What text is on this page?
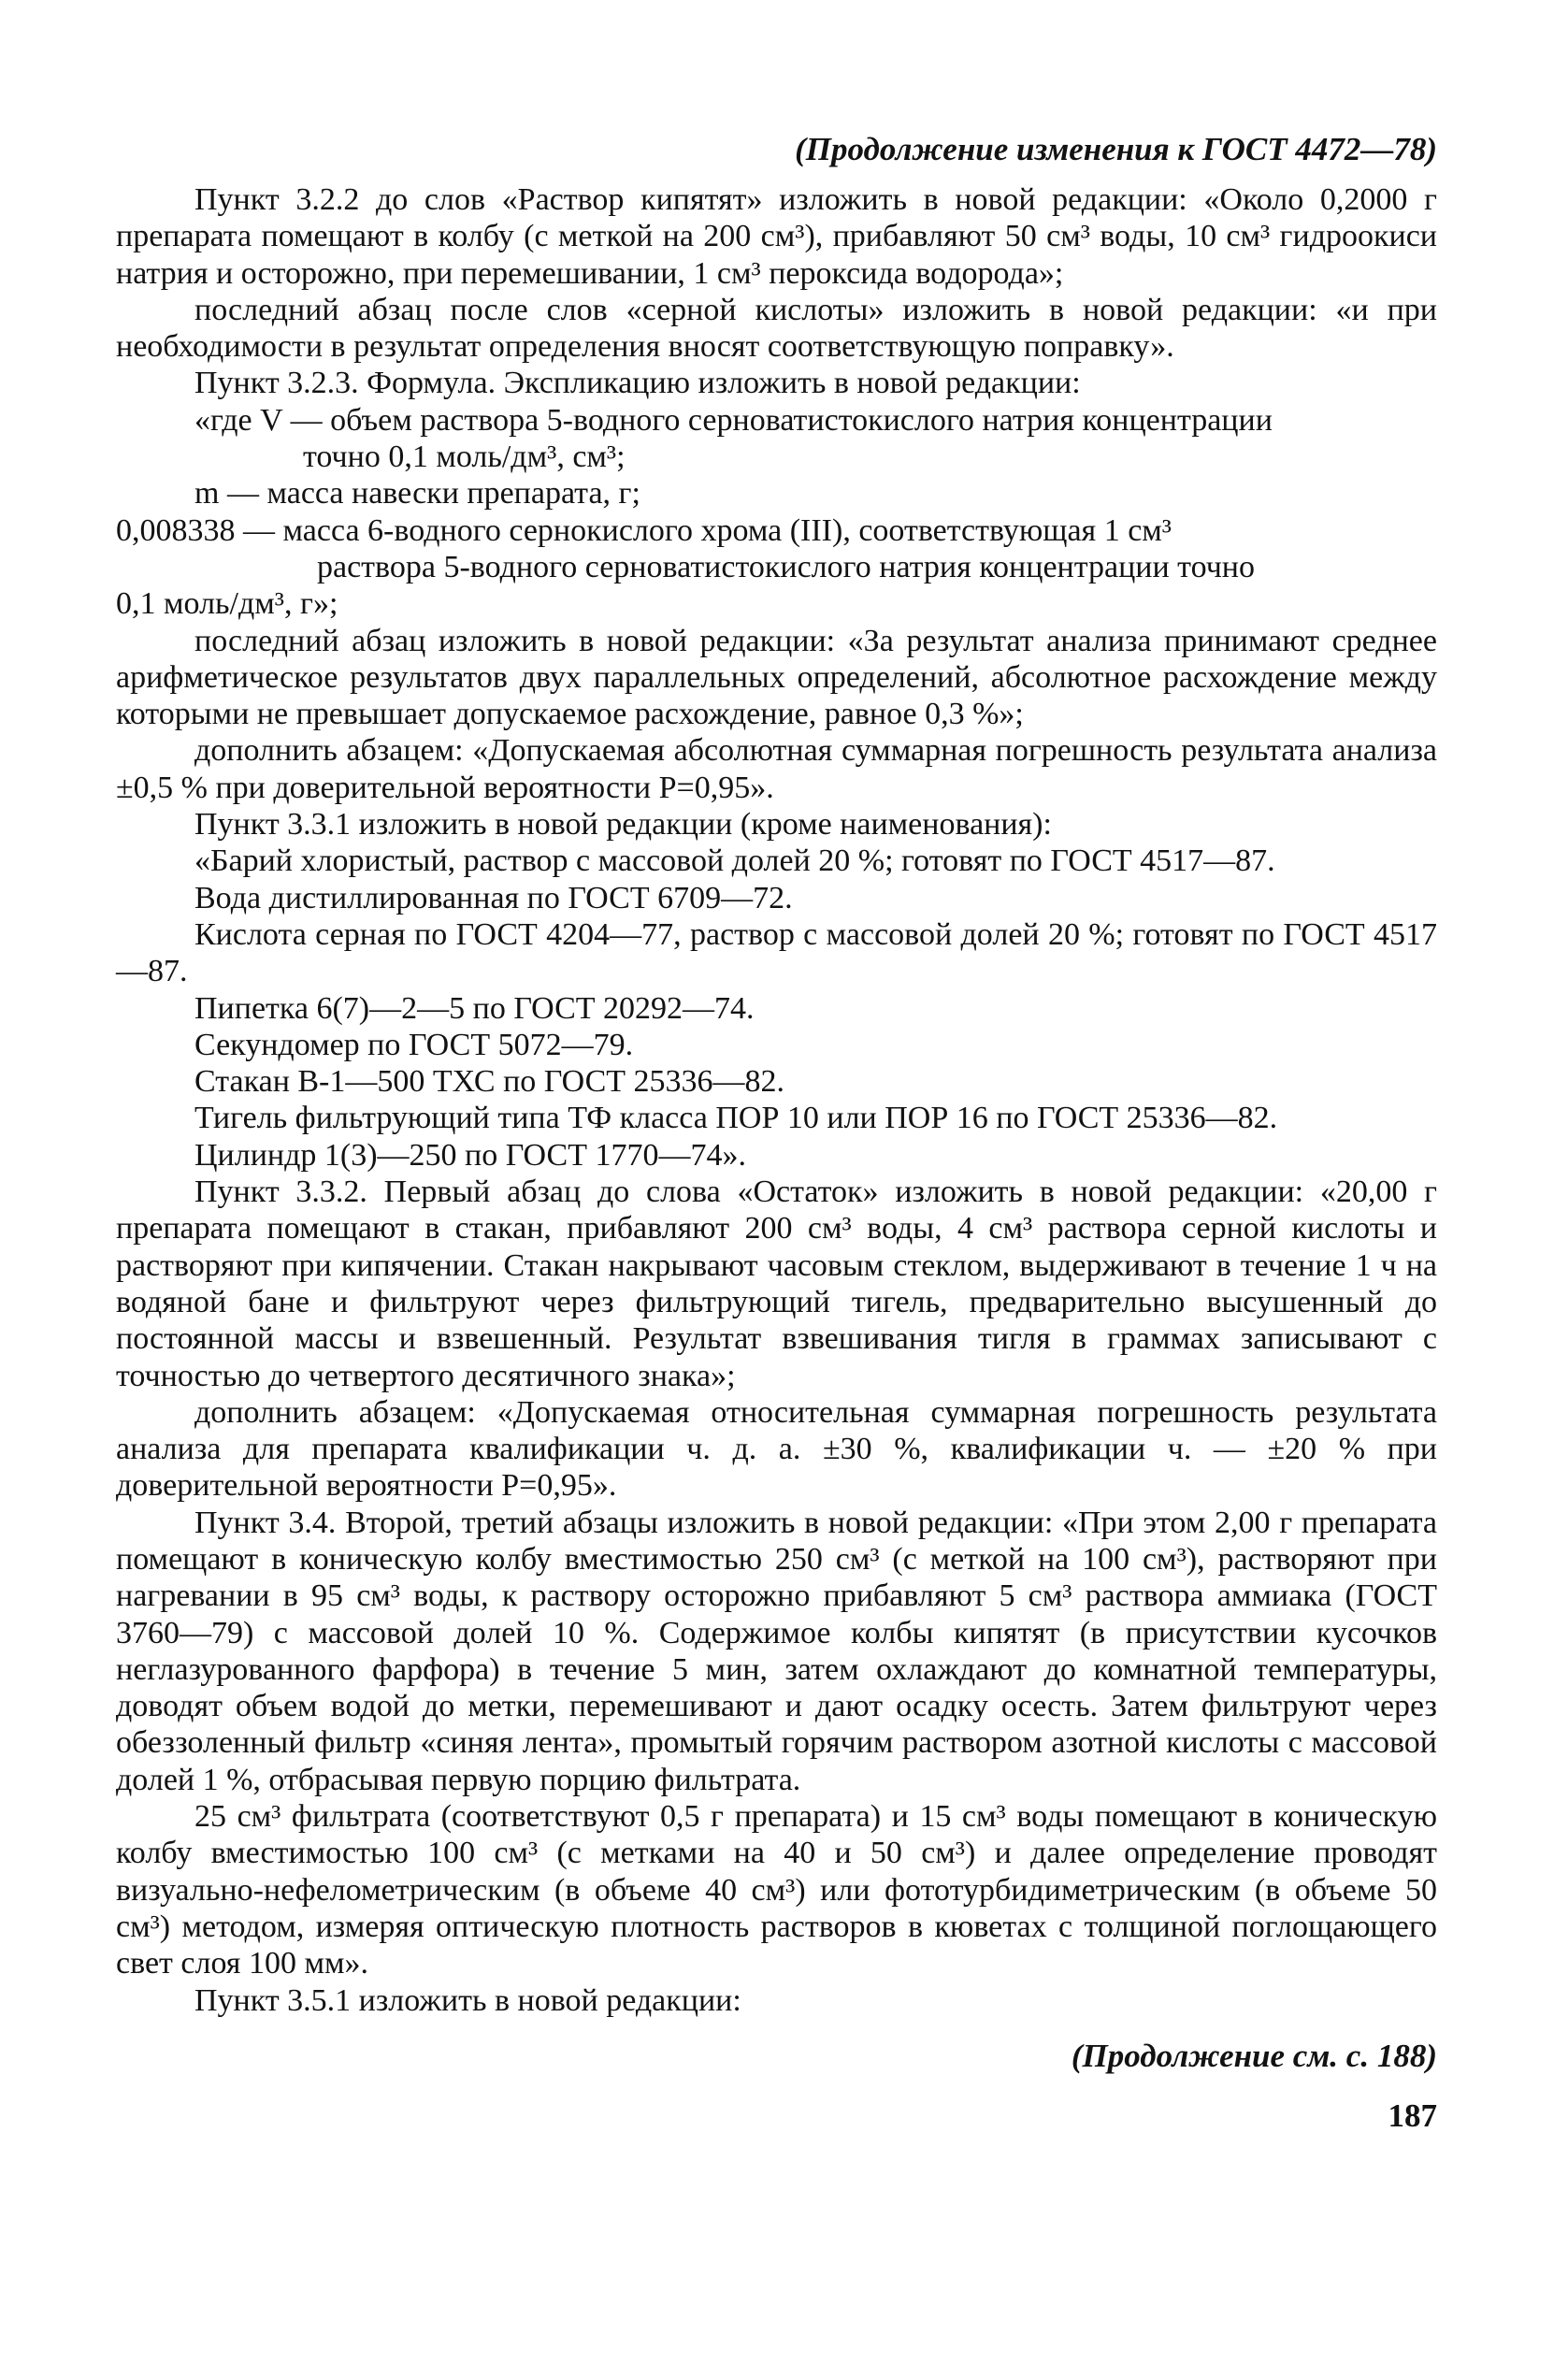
(Продолжение изменения к ГОСТ 4472—78)

Пункт 3.2.2 до слов «Раствор кипятят» изложить в новой редакции: «Около 0,2000 г препарата помещают в колбу (с меткой на 200 см³), прибавляют 50 см³ воды, 10 см³ гидроокиси натрия и осторожно, при перемешивании, 1 см³ пероксида водорода»;

последний абзац после слов «серной кислоты» изложить в новой редакции: «и при необходимости в результат определения вносят соответствующую поправку».

Пункт 3.2.3. Формула. Экспликацию изложить в новой редакции:

«где V — объем раствора 5-водного серноватистокислого натрия концентрации

точно 0,1 моль/дм³, см³;

m — масса навески препарата, г;

0,008338 — масса 6-водного сернокислого хрома (III), соответствующая 1 см³

раствора 5-водного серноватистокислого натрия концентрации точно

0,1 моль/дм³, г»;

последний абзац изложить в новой редакции: «За результат анализа принимают среднее арифметическое результатов двух параллельных определений, абсолютное расхождение между которыми не превышает допускаемое расхождение, равное 0,3 %»;

дополнить абзацем: «Допускаемая абсолютная суммарная погрешность результата анализа ±0,5 % при доверительной вероятности P=0,95».

Пункт 3.3.1 изложить в новой редакции (кроме наименования):

«Барий хлористый, раствор с массовой долей 20 %; готовят по ГОСТ 4517—87.

Вода дистиллированная по ГОСТ 6709—72.

Кислота серная по ГОСТ 4204—77, раствор с массовой долей 20 %; готовят по ГОСТ 4517—87.

Пипетка 6(7)—2—5 по ГОСТ 20292—74.

Секундомер по ГОСТ 5072—79.

Стакан В-1—500 ТХС по ГОСТ 25336—82.

Тигель фильтрующий типа ТФ класса ПОР 10 или ПОР 16 по ГОСТ 25336—82.

Цилиндр 1(3)—250 по ГОСТ 1770—74».

Пункт 3.3.2. Первый абзац до слова «Остаток» изложить в новой редакции: «20,00 г препарата помещают в стакан, прибавляют 200 см³ воды, 4 см³ раствора серной кислоты и растворяют при кипячении. Стакан накрывают часовым стеклом, выдерживают в течение 1 ч на водяной бане и фильтруют через фильтрующий тигель, предварительно высушенный до постоянной массы и взвешенный. Результат взвешивания тигля в граммах записывают с точностью до четвертого десятичного знака»;

дополнить абзацем: «Допускаемая относительная суммарная погрешность результата анализа для препарата квалификации ч. д. а. ±30 %, квалификации ч. — ±20 % при доверительной вероятности P=0,95».

Пункт 3.4. Второй, третий абзацы изложить в новой редакции: «При этом 2,00 г препарата помещают в коническую колбу вместимостью 250 см³ (с меткой на 100 см³), растворяют при нагревании в 95 см³ воды, к раствору осторожно прибавляют 5 см³ раствора аммиака (ГОСТ 3760—79) с массовой долей 10 %. Содержимое колбы кипятят (в присутствии кусочков неглазурованного фарфора) в течение 5 мин, затем охлаждают до комнатной температуры, доводят объем водой до метки, перемешивают и дают осадку осесть. Затем фильтруют через обеззоленный фильтр «синяя лента», промытый горячим раствором азотной кислоты с массовой долей 1 %, отбрасывая первую порцию фильтрата.

25 см³ фильтрата (соответствуют 0,5 г препарата) и 15 см³ воды помещают в коническую колбу вместимостью 100 см³ (с метками на 40 и 50 см³) и далее определение проводят визуально-нефелометрическим (в объеме 40 см³) или фототурбидиметрическим (в объеме 50 см³) методом, измеряя оптическую плотность растворов в кюветах с толщиной поглощающего свет слоя 100 мм».

Пункт 3.5.1 изложить в новой редакции:

(Продолжение см. с. 188)
187
